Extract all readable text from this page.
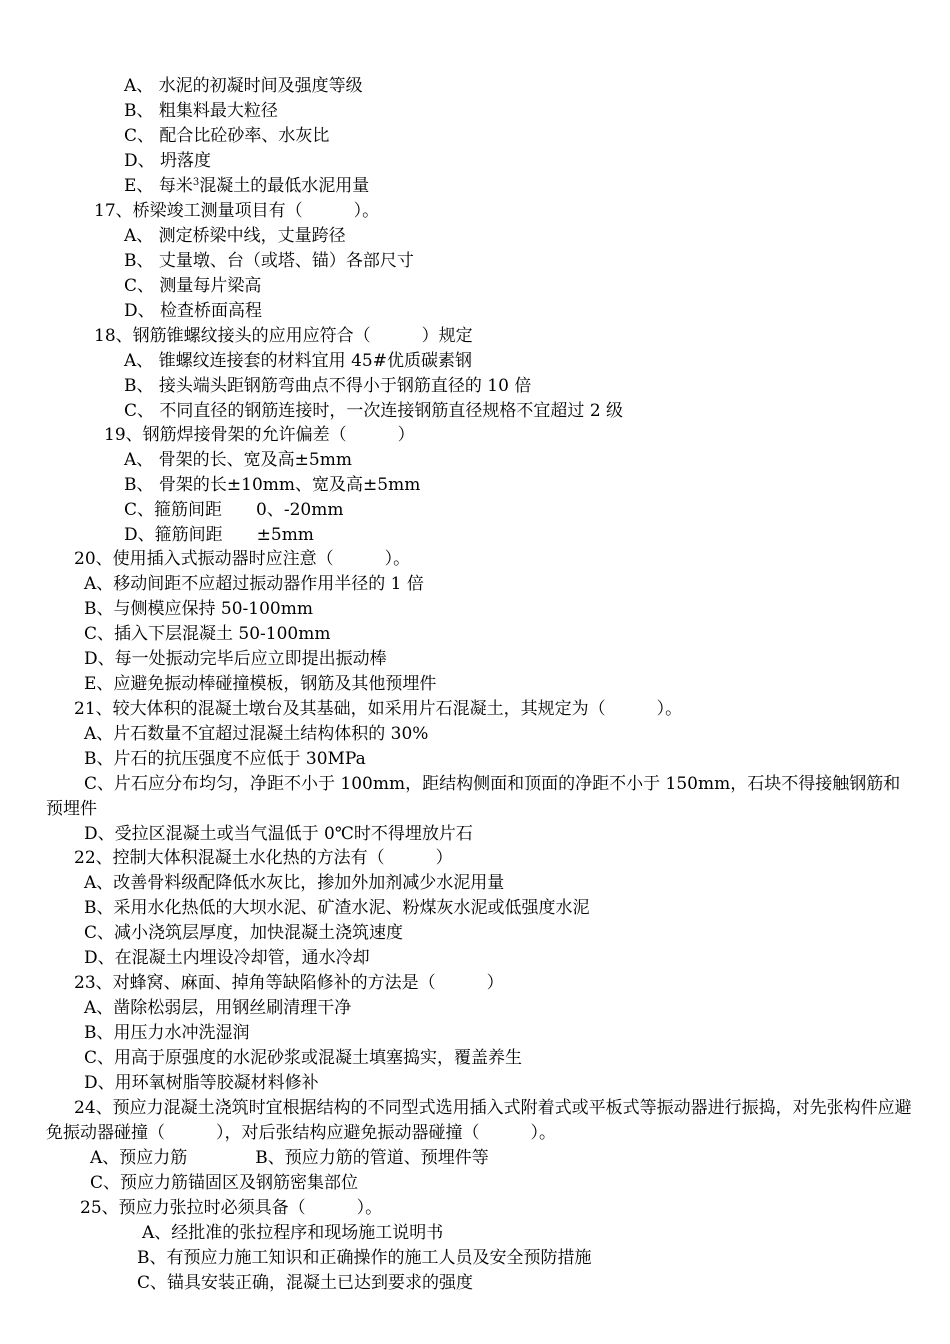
A、 水泥的初凝时间及强度等级
B、 粗集料最大粒径
C、 配合比砼砂率、水灰比
D、 坍落度
E、 每米$^3$混凝土的最低水泥用量
17、桥梁竣工测量项目有（　　　）。
A、 测定桥梁中线，丈量跨径
B、 丈量墩、台（或塔、锚）各部尺寸
C、 测量每片梁高
D、 检查桥面高程
18、钢筋锥螺纹接头的应用应符合（　　　）规定
A、 锥螺纹连接套的材料宜用 45#优质碳素钢
B、 接头端头距钢筋弯曲点不得小于钢筋直径的 10 倍
C、 不同直径的钢筋连接时，一次连接钢筋直径规格不宜超过 2 级
19、钢筋焊接骨架的允许偏差（　　　）
A、 骨架的长、宽及高±5mm
B、 骨架的长±10mm、宽及高±5mm
C、箍筋间距　　0、-20mm
D、箍筋间距　　±5mm
20、使用插入式振动器时应注意（　　　）。
A、移动间距不应超过振动器作用半径的 1 倍
B、与侧模应保持 50-100mm
C、插入下层混凝土 50-100mm
D、每一处振动完毕后应立即提出振动棒
E、应避免振动棒碰撞模板，钢筋及其他预埋件
21、较大体积的混凝土墩台及其基础，如采用片石混凝土，其规定为（　　　）。
A、片石数量不宜超过混凝土结构体积的 30%
B、片石的抗压强度不应低于 30MPa
C、片石应分布均匀，净距不小于 100mm，距结构侧面和顶面的净距不小于 150mm，石块不得接触钢筋和预埋件
D、受拉区混凝土或当气温低于 0℃时不得埋放片石
22、控制大体积混凝土水化热的方法有（　　　）
A、改善骨料级配降低水灰比，掺加外加剂减少水泥用量
B、采用水化热低的大坝水泥、矿渣水泥、粉煤灰水泥或低强度水泥
C、减小浇筑层厚度，加快混凝土浇筑速度
D、在混凝土内埋设冷却管，通水冷却
23、对蜂窝、麻面、掉角等缺陷修补的方法是（　　　）
A、凿除松弱层，用钢丝刷清理干净
B、用压力水冲洗湿润
C、用高于原强度的水泥砂浆或混凝土填塞捣实，覆盖养生
D、用环氧树脂等胶凝材料修补
24、预应力混凝土浇筑时宜根据结构的不同型式选用插入式附着式或平板式等振动器进行振捣，对先张构件应避免振动器碰撞（　　　），对后张结构应避免振动器碰撞（　　　）。
A、预应力筋　　　　B、预应力筋的管道、预埋件等
C、预应力筋锚固区及钢筋密集部位
25、预应力张拉时必须具备（　　　）。
A、经批准的张拉程序和现场施工说明书
B、有预应力施工知识和正确操作的施工人员及安全预防措施
C、锚具安装正确，混凝土已达到要求的强度
